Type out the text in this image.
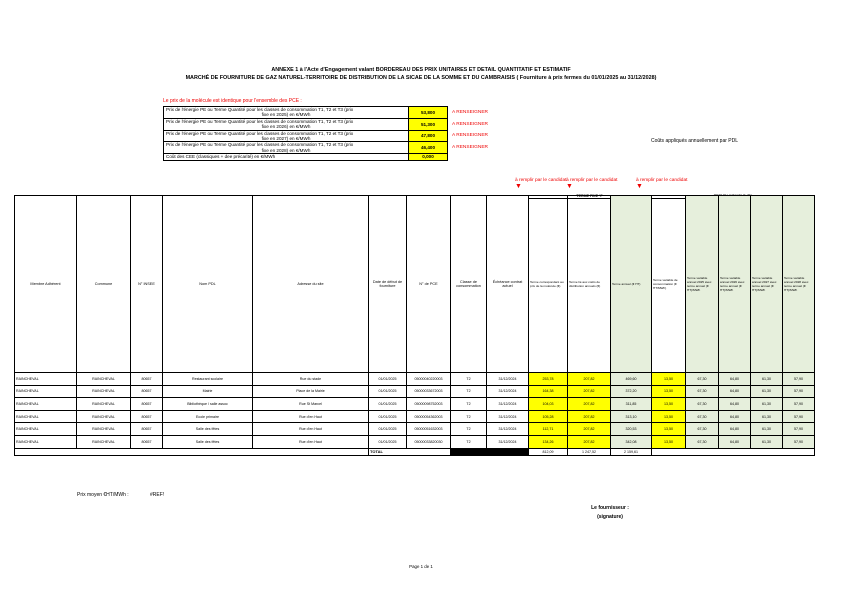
ANNEXE 1 à l'Acte d'Engagement valant BORDEREAU DES PRIX UNITAIRES ET DETAIL QUANTITATIF ET ESTIMATIF
MARCHÉ DE FOURNITURE DE GAZ NATUREL-TERRITOIRE DE DISTRIBUTION DE LA SICAE DE LA SOMME ET DU CAMBRAISIS ( Fourniture à prix fermes du 01/01/2025 au 31/12/2028)
Le prix de la molécule est identique pour l'ensemble des PCE :
Prix de l'énergie PE ou Terme Quantité pour les classes de consommation T1, T2 et T3 (prix

fixe en 2025) en €/MWh	53,800	A RENSEIGNER
Prix de l'énergie PE ou Terme Quantité pour les classes de consommation T1, T2 et T3 (prix

fixe en 2026) en €/MWh	51,300	A RENSEIGNER
Prix de l'énergie PE ou Terme Quantité pour les classes de consommation T1, T2 et T3 (prix

fixe en 2027) en €/MWh	47,800	A RENSEIGNER
Prix de l'énergie PE ou Terme Quantité pour les classes de consommation T1, T2 et T3 (prix

fixe en 2028) en €/MWh	46,400	A RENSEIGNER
Coût des CEE (classiques + dee précarité) en €/MWh	0,000	
Coûts appliqués annuellement par PDL
à remplir par le candidat
▼
à remplir par le candidat
▼
à remplir par le candidat
▼
TERME FIXE *F
Membre Adhérent	Commune	N° INSEE	Nom PDL	Adresse du site	Date de début de fourniture	N° de PCE	Classe de consommation	Échéance contrat actuel	Terme correspondant au prix de la molécule (€)	Terme lié aux coûts de distribution annuels (€)	Terme annuel (€ HT)	Terme variable de consommation (€ HT/MWh)	Terme variable annuel 2025 avec terme annuel (€ HT)/MWh	Terme variable annuel 2026 avec terme annuel (€ HT)/MWh	Terme variable annuel 2027 avec terme annuel (€ HT)/MWh	Terme variable annuel 2028 avec terme annuel (€ HT)/MWh
RAINCHEVAL	RAINCHEVAL	80657	Restaurant scolaire	Rue du stade	01/01/2025	05000040220003	T2	31/12/2024	253,78	207,82	469,60	13,50	67,30	64,80	61,30	57,90
RAINCHEVAL	RAINCHEVAL	80657	Mairie	Place de la Mairie	01/01/2025	05000033672003	T2	31/12/2024	164,38	207,82	372,20	13,50	67,30	64,80	61,30	57,90
RAINCHEVAL	RAINCHEVAL	80657	Bibliothèque / salle assoc	Rue St Marcel	01/01/2025	05000098752003	T2	31/12/2024	104,03	207,82	311,85	13,50	67,30	64,80	61,30	57,90
RAINCHEVAL	RAINCHEVAL	80657	Ecole primaire	Rue d'en Haut	01/01/2025	05000054362003	T2	31/12/2024	105,28	207,82	313,10	13,50	67,30	64,80	61,30	57,90
RAINCHEVAL	RAINCHEVAL	80657	Salle des fêtes	Rue d'en Haut	01/01/2025	05000051632003	T2	31/12/2024	112,71	207,82	320,53	13,50	67,30	64,80	61,30	57,90
RAINCHEVAL	RAINCHEVAL	80657	Salle des fêtes	Rue d'en Haut	01/01/2025	05000033820030	T2	31/12/2024	134,26	207,82	342,08	13,50	67,30	64,80	61,30	57,90
					TOTAL				812,09	1 247,52	2 159,61					
Prix moyen €HT/MWh :	#REF!
Le fournisseur :
(signature)
Page 1 de 1
